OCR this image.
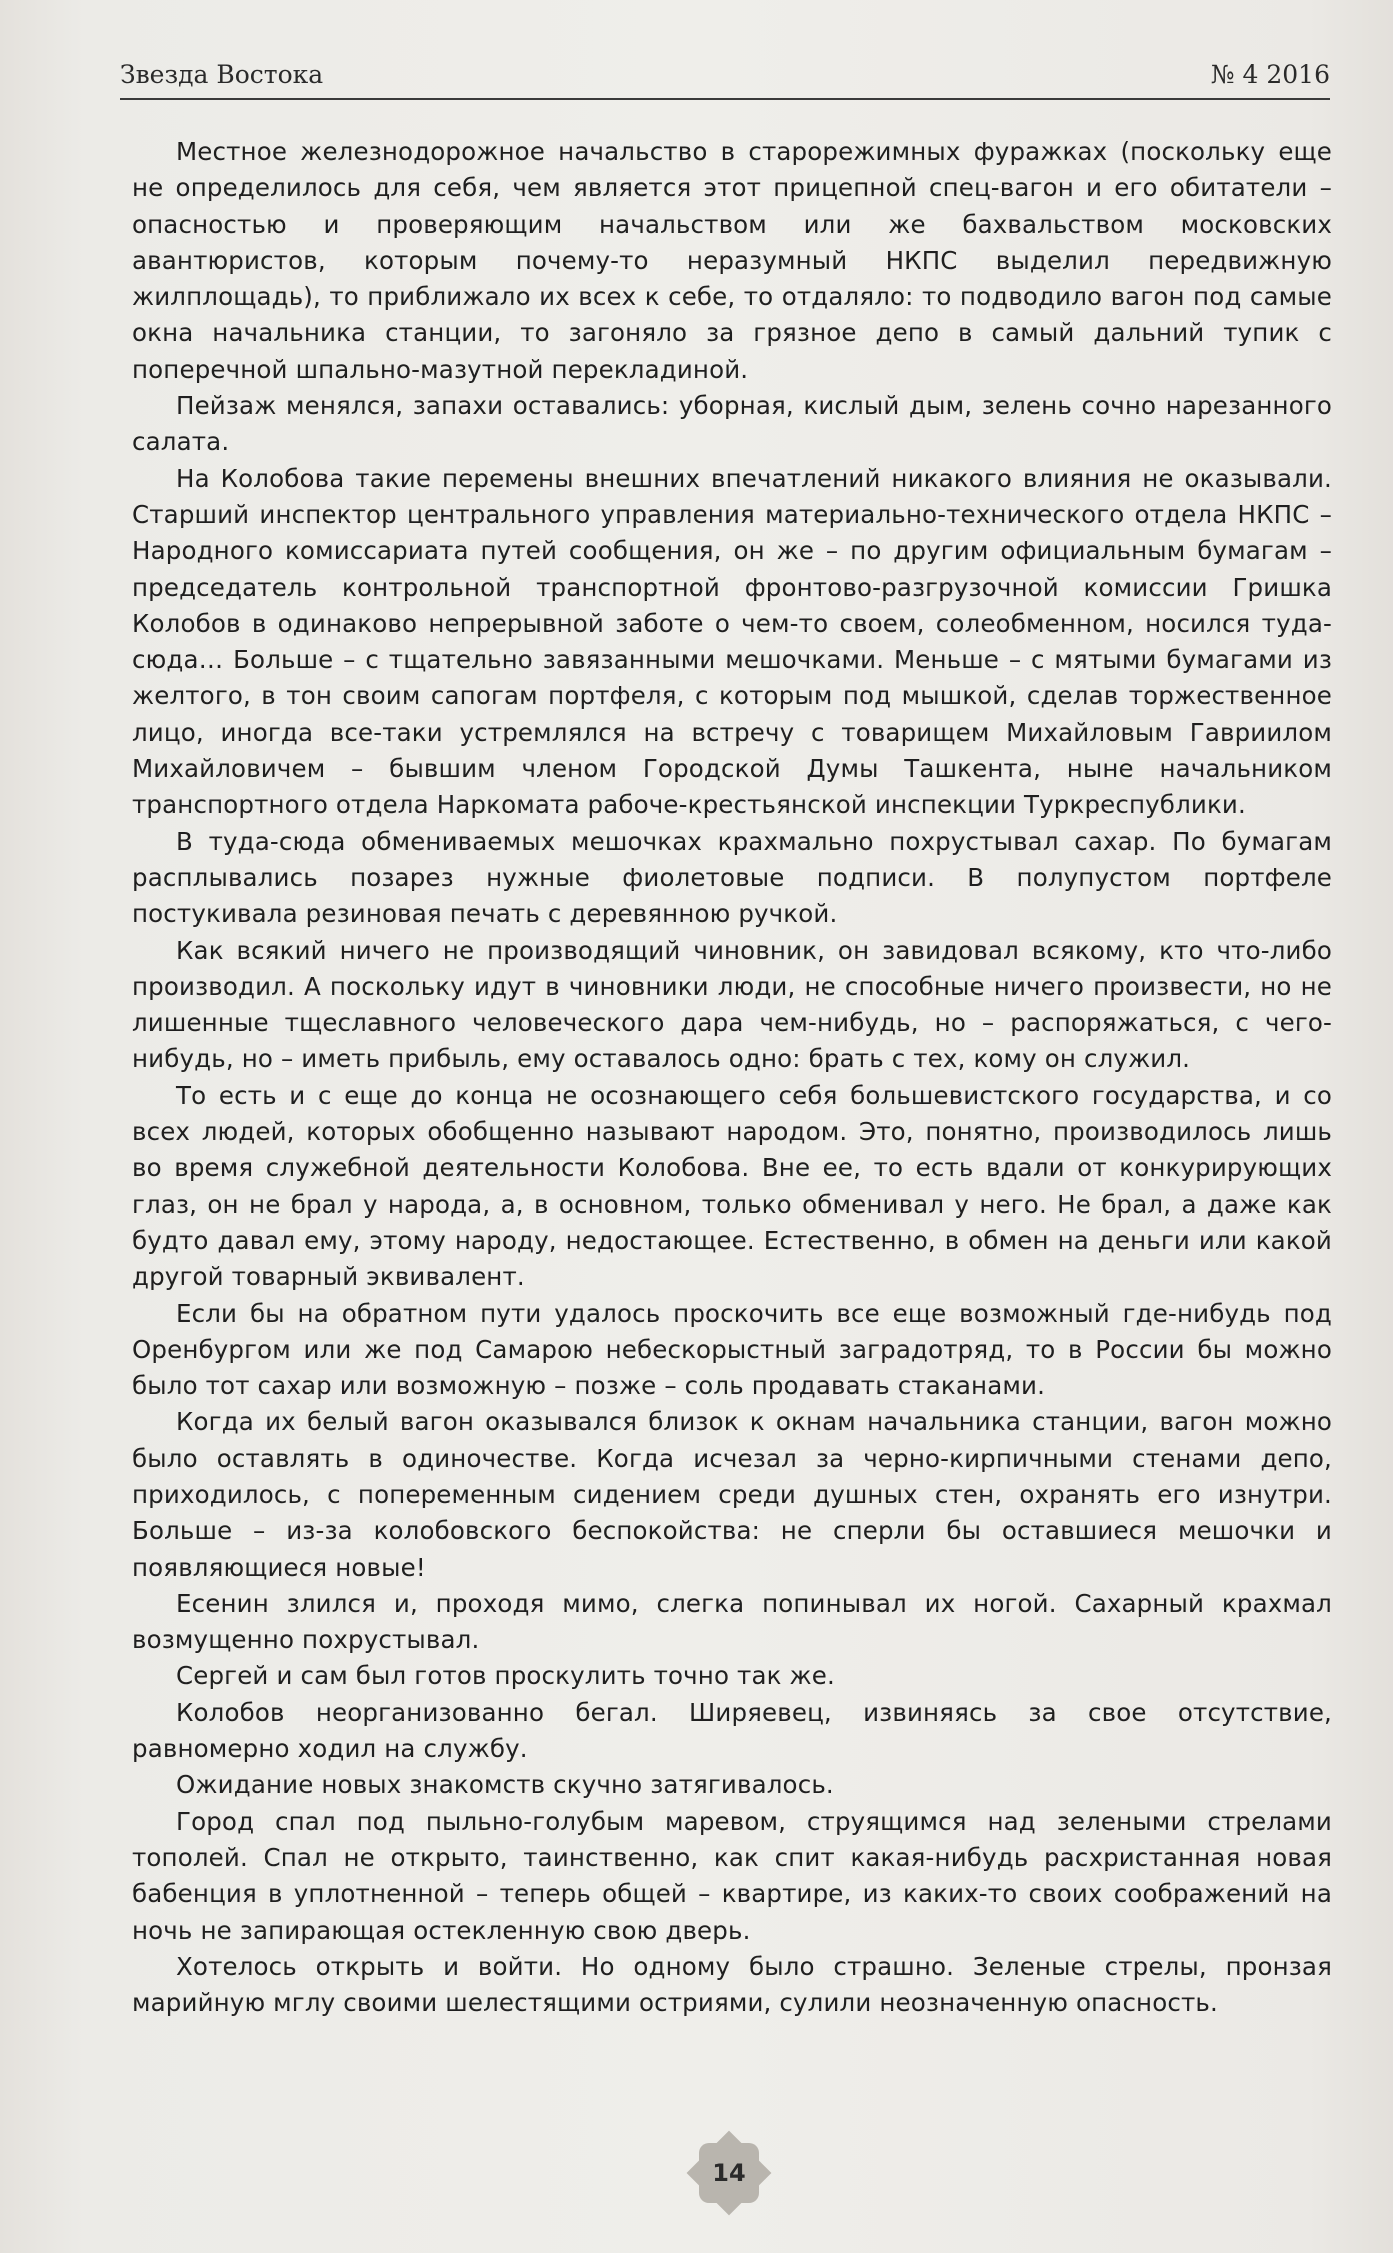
Звезда Востока	№ 4 2016

Местное железнодорожное начальство в старорежимных фуражках (поскольку еще не определилось для себя, чем является этот прицепной спец-вагон и его обитатели – опасностью и проверяющим начальством или же бахвальством московских авантюристов, которым почему-то неразумный НКПС выделил передвижную жилплощадь), то приближало их всех к себе, то отдаляло: то подводило вагон под самые окна начальника станции, то загоняло за грязное депо в самый дальний тупик с поперечной шпально-мазутной перекладиной.

Пейзаж менялся, запахи оставались: уборная, кислый дым, зелень сочно нарезанного салата.

На Колобова такие перемены внешних впечатлений никакого влияния не оказывали. Старший инспектор центрального управления материально-технического отдела НКПС – Народного комиссариата путей сообщения, он же – по другим официальным бумагам – председатель контрольной транспортной фронтово-разгрузочной комиссии Гришка Колобов в одинаково непрерывной заботе о чем-то своем, солеобменном, носился туда-сюда… Больше – с тщательно завязанными мешочками. Меньше – с мятыми бумагами из желтого, в тон своим сапогам портфеля, с которым под мышкой, сделав торжественное лицо, иногда все-таки устремлялся на встречу с товарищем Михайловым Гавриилом Михайловичем – бывшим членом Городской Думы Ташкента, ныне начальником транспортного отдела Наркомата рабоче-крестьянской инспекции Туркреспублики.

В туда-сюда обмениваемых мешочках крахмально похрустывал сахар. По бумагам расплывались позарез нужные фиолетовые подписи. В полупустом портфеле постукивала резиновая печать с деревянною ручкой.

Как всякий ничего не производящий чиновник, он завидовал всякому, кто что-либо производил. А поскольку идут в чиновники люди, не способные ничего произвести, но не лишенные тщеславного человеческого дара чем-нибудь, но – распоряжаться, с чего-нибудь, но – иметь прибыль, ему оставалось одно: брать с тех, кому он служил.

То есть и с еще до конца не осознающего себя большевистского государства, и со всех людей, которых обобщенно называют народом. Это, понятно, производилось лишь во время служебной деятельности Колобова. Вне ее, то есть вдали от конкурирующих глаз, он не брал у народа, а, в основном, только обменивал у него. Не брал, а даже как будто давал ему, этому народу, недостающее. Естественно, в обмен на деньги или какой другой товарный эквивалент.

Если бы на обратном пути удалось проскочить все еще возможный где-нибудь под Оренбургом или же под Самарою небескорыстный заградотряд, то в России бы можно было тот сахар или возможную – позже – соль продавать стаканами.

Когда их белый вагон оказывался близок к окнам начальника станции, вагон можно было оставлять в одиночестве. Когда исчезал за черно-кирпичными стенами депо, приходилось, с попеременным сидением среди душных стен, охранять его изнутри. Больше – из-за колобовского беспокойства: не сперли бы оставшиеся мешочки и появляющиеся новые!

Есенин злился и, проходя мимо, слегка попинывал их ногой. Сахарный крахмал возмущенно похрустывал.

Сергей и сам был готов проскулить точно так же.

Колобов неорганизованно бегал. Ширяевец, извиняясь за свое отсутствие, равномерно ходил на службу.

Ожидание новых знакомств скучно затягивалось.

Город спал под пыльно-голубым маревом, струящимся над зелеными стрелами тополей. Спал не открыто, таинственно, как спит какая-нибудь расхристанная новая бабенция в уплотненной – теперь общей – квартире, из каких-то своих соображений на ночь не запирающая остекленную свою дверь.

Хотелось открыть и войти. Но одному было страшно. Зеленые стрелы, пронзая марийную мглу своими шелестящими остриями, сулили неозначенную опасность.

14
